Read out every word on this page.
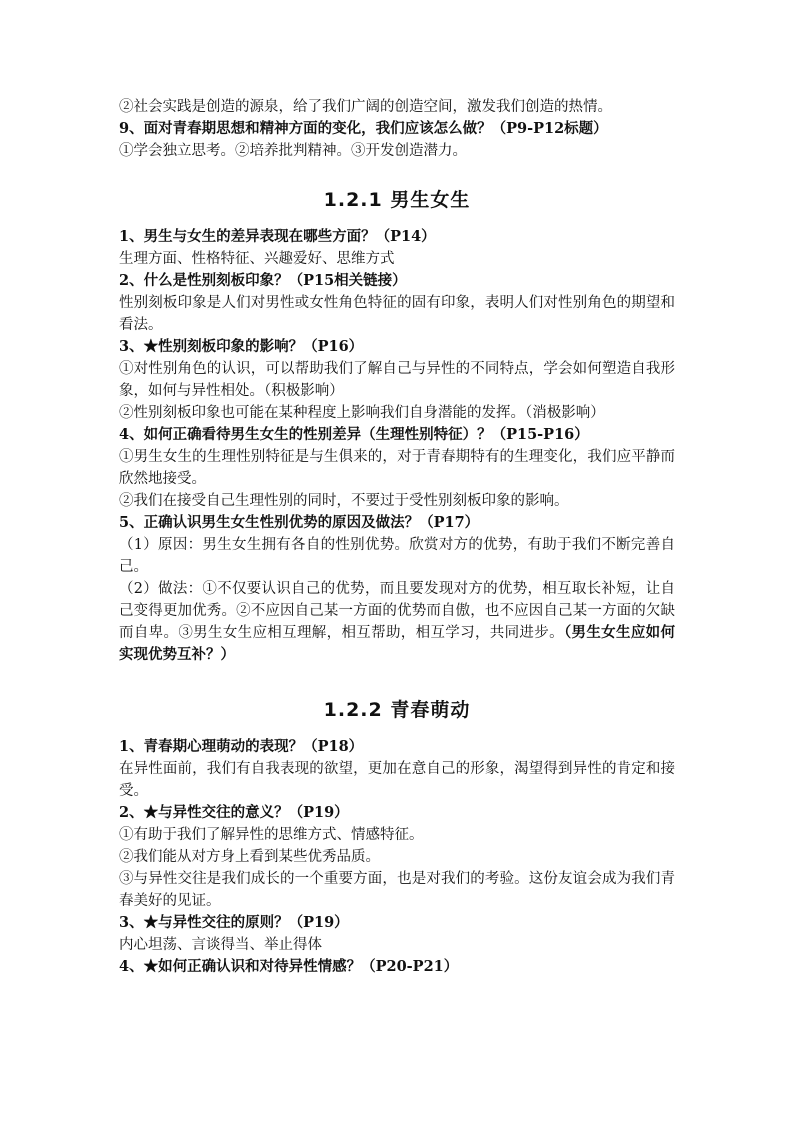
②社会实践是创造的源泉，给了我们广阔的创造空间，激发我们创造的热情。

9、面对青春期思想和精神方面的变化，我们应该怎么做？（P9-P12标题）

①学会独立思考。②培养批判精神。③开发创造潜力。

1.2.1 男生女生

1、男生与女生的差异表现在哪些方面？（P14）

生理方面、性格特征、兴趣爱好、思维方式

2、什么是性别刻板印象？（P15相关链接）

性别刻板印象是人们对男性或女性角色特征的固有印象，表明人们对性别角色的期望和看法。

3、★性别刻板印象的影响？（P16）

①对性别角色的认识，可以帮助我们了解自己与异性的不同特点，学会如何塑造自我形象，如何与异性相处。（积极影响）

②性别刻板印象也可能在某种程度上影响我们自身潜能的发挥。（消极影响）

4、如何正确看待男生女生的性别差异（生理性别特征）？（P15-P16）

①男生女生的生理性别特征是与生俱来的，对于青春期特有的生理变化，我们应平静而欣然地接受。

②我们在接受自己生理性别的同时，不要过于受性别刻板印象的影响。

5、正确认识男生女生性别优势的原因及做法？（P17）

（1）原因：男生女生拥有各自的性别优势。欣赏对方的优势，有助于我们不断完善自己。

（2）做法：①不仅要认识自己的优势，而且要发现对方的优势，相互取长补短，让自己变得更加优秀。②不应因自己某一方面的优势而自傲，也不应因自己某一方面的欠缺而自卑。③男生女生应相互理解，相互帮助，相互学习，共同进步。（男生女生应如何实现优势互补？）

1.2.2 青春萌动

1、青春期心理萌动的表现？（P18）

在异性面前，我们有自我表现的欲望，更加在意自己的形象，渴望得到异性的肯定和接受。

2、★与异性交往的意义？（P19）

①有助于我们了解异性的思维方式、情感特征。

②我们能从对方身上看到某些优秀品质。

③与异性交往是我们成长的一个重要方面，也是对我们的考验。这份友谊会成为我们青春美好的见证。

3、★与异性交往的原则？（P19）

内心坦荡、言谈得当、举止得体

4、★如何正确认识和对待异性情感？（P20-P21）
